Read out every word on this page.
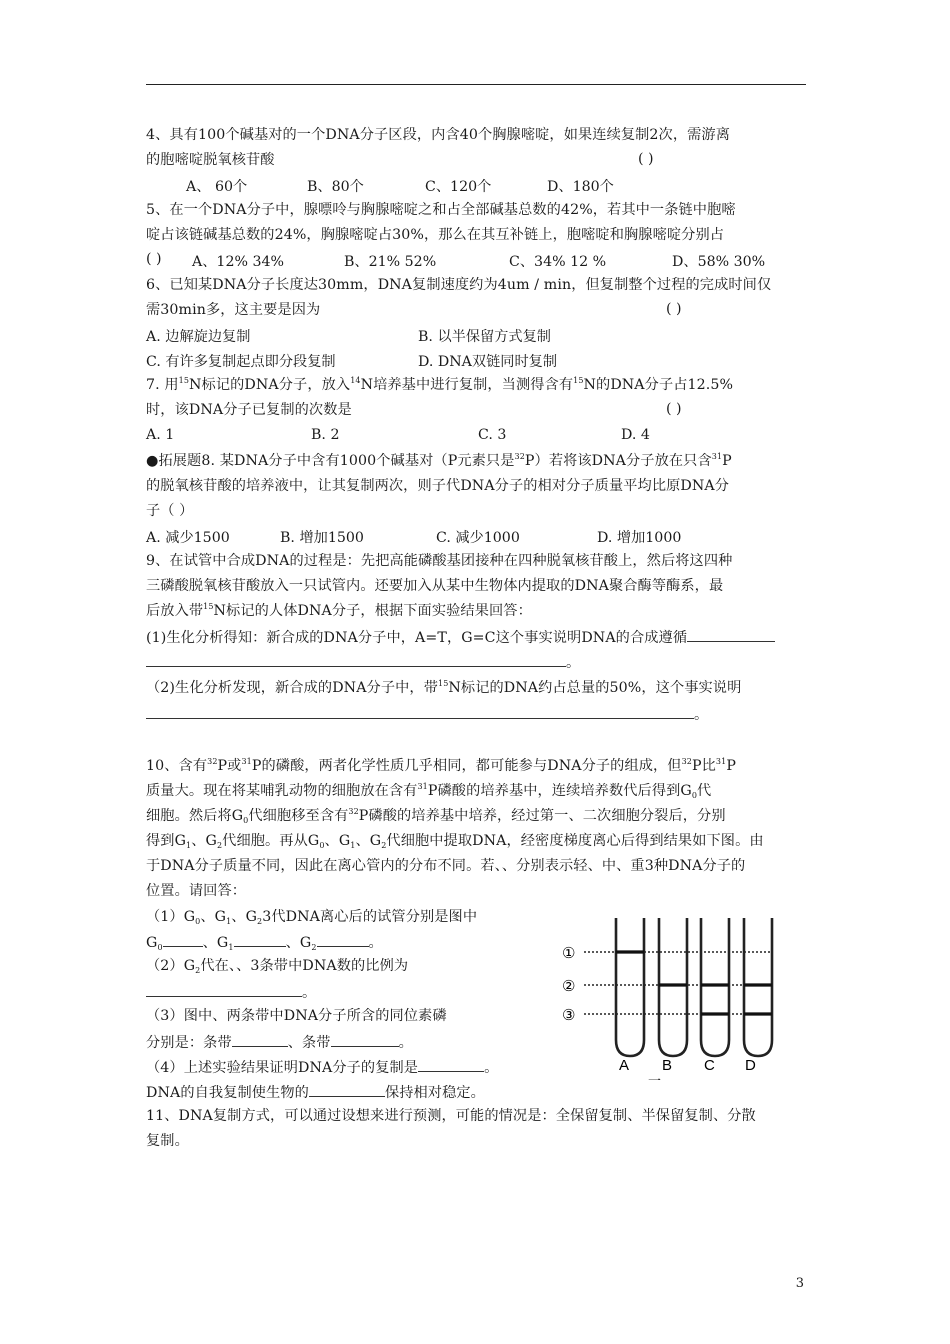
4、具有100个碱基对的一个DNA分子区段，内含40个胸腺嘧啶，如果连续复制2次，需游离
的胞嘧啶脱氧核苷酸	( )
A、 60个	B、80个	C、120个	D、180个
5、在一个DNA分子中，腺嘌呤与胸腺嘧啶之和占全部碱基总数的42%，若其中一条链中胞嘧
啶占该链碱基总数的24%，胸腺嘧啶占30%，那么在其互补链上，胞嘧啶和胸腺嘧啶分别占
( ) A、12% 34%	B、21% 52%	C、34% 12 %	D、58% 30%
6、已知某DNA分子长度达30mm，DNA复制速度约为4um / min，但复制整个过程的完成时间仅
需30min多，这主要是因为	( )
A. 边解旋边复制	B. 以半保留方式复制
C. 有许多复制起点即分段复制	D. DNA双链同时复制
7. 用$^{15}$N标记的DNA分子，放入$^{14}$N培养基中进行复制，当测得含有$^{15}$N的DNA分子占12.5%
时，该DNA分子已复制的次数是	( )
A. 1	B. 2	C. 3	D. 4
●拓展题8. 某DNA分子中含有1000个碱基对（P元素只是$^{32}$P）若将该DNA分子放在只含$^{31}$P
的脱氧核苷酸的培养液中，让其复制两次，则子代DNA分子的相对分子质量平均比原DNA分
子（ ）
A. 减少1500	B. 增加1500	C. 减少1000	D. 增加1000
9、在试管中合成DNA的过程是：先把高能磷酸基团接种在四种脱氧核苷酸上，然后将这四种
三磷酸脱氧核苷酸放入一只试管内。还要加入从某中生物体内提取的DNA聚合酶等酶系，最
后放入带$^{15}$N标记的人体DNA分子，根据下面实验结果回答：
(1)生化分析得知：新合成的DNA分子中，A=T，G=C这个事实说明DNA的合成遵循
。
（2)生化分析发现，新合成的DNA分子中，带$^{15}$N标记的DNA约占总量的50%，这个事实说明
。
10、含有$^{32}$P或$^{31}$P的磷酸，两者化学性质几乎相同，都可能参与DNA分子的组成，但$^{32}$P比$^{31}$P
质量大。现在将某哺乳动物的细胞放在含有$^{31}$P磷酸的培养基中，连续培养数代后得到$G_0$代
细胞。然后将$G_0$代细胞移至含有$^{32}$P磷酸的培养基中培养，经过第一、二次细胞分裂后，分别
得到$G_1$、$G_2$代细胞。再从$G_0$、$G_1$、$G_2$代细胞中提取DNA，经密度梯度离心后得到结果如下图。由
于DNA分子质量不同，因此在离心管内的分布不同。若、、分别表示轻、中、重3种DNA分子的
位置。请回答：
$(1)G_0$、$G_1$、$G_23$代DNA离心后的试管分别是图中
$G_0$	、$G_1$	、$G_2$	。
$(2)G_2$代在、、3条带中DNA数的比例为
。
（3）图中、两条带中DNA分子所含的同位素磷
分别是：条带	、条带	。
（4）上述实验结果证明DNA分子的复制是	。
DNA的自我复制使生物的	保持相对稳定。
①
②
③
A B C D
一
11、DNA复制方式，可以通过设想来进行预测，可能的情况是：全保留复制、半保留复制、分散
复制。
3
